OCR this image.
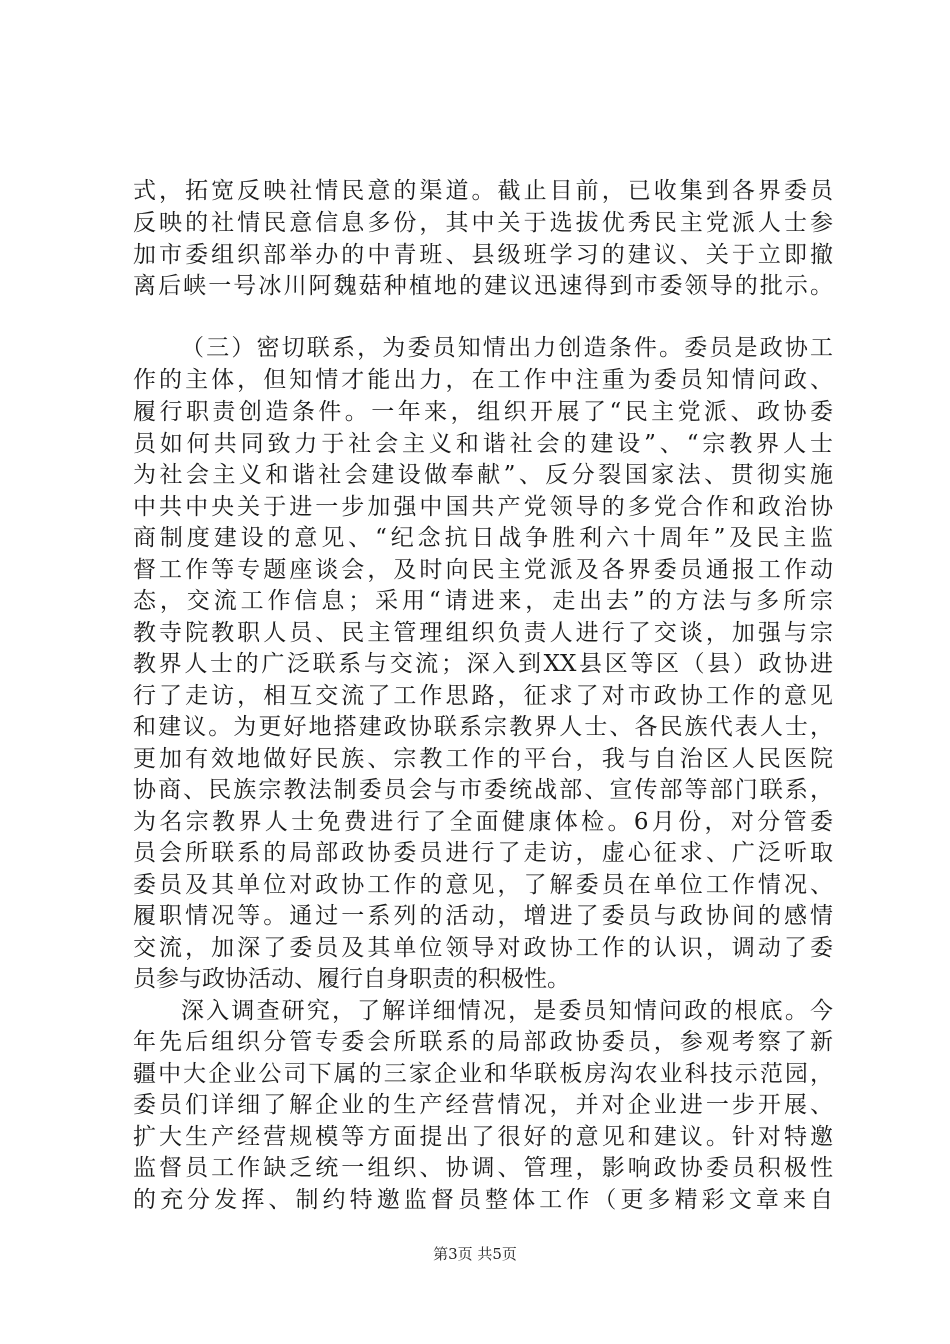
式，拓宽反映社情民意的渠道。截止目前，已收集到各界委员
反映的社情民意信息多份，其中关于选拔优秀民主党派人士参
加市委组织部举办的中青班、县级班学习的建议、关于立即撤
离后峡一号冰川阿魏菇种植地的建议迅速得到市委领导的批示。
（三）密切联系，为委员知情出力创造条件。委员是政协工
作的主体，但知情才能出力，在工作中注重为委员知情问政、
履行职责创造条件。一年来，组织开展了“民主党派、政协委
员如何共同致力于社会主义和谐社会的建设”、“宗教界人士
为社会主义和谐社会建设做奉献”、反分裂国家法、贯彻实施
中共中央关于进一步加强中国共产党领导的多党合作和政治协
商制度建设的意见、“纪念抗日战争胜利六十周年”及民主监
督工作等专题座谈会，及时向民主党派及各界委员通报工作动
态，交流工作信息；采用“请进来，走出去”的方法与多所宗
教寺院教职人员、民主管理组织负责人进行了交谈，加强与宗
教界人士的广泛联系与交流；深入到XX县区等区（县）政协进
行了走访，相互交流了工作思路，征求了对市政协工作的意见
和建议。为更好地搭建政协联系宗教界人士、各民族代表人士，
更加有效地做好民族、宗教工作的平台，我与自治区人民医院
协商、民族宗教法制委员会与市委统战部、宣传部等部门联系，
为名宗教界人士免费进行了全面健康体检。6月份，对分管委
员会所联系的局部政协委员进行了走访，虚心征求、广泛听取
委员及其单位对政协工作的意见，了解委员在单位工作情况、
履职情况等。通过一系列的活动，增进了委员与政协间的感情
交流，加深了委员及其单位领导对政协工作的认识，调动了委
员参与政协活动、履行自身职责的积极性。
深入调查研究，了解详细情况，是委员知情问政的根底。今
年先后组织分管专委会所联系的局部政协委员，参观考察了新
疆中大企业公司下属的三家企业和华联板房沟农业科技示范园，
委员们详细了解企业的生产经营情况，并对企业进一步开展、
扩大生产经营规模等方面提出了很好的意见和建议。针对特邀
监督员工作缺乏统一组织、协调、管理，影响政协委员积极性
的充分发挥、制约特邀监督员整体工作（更多精彩文章来自
第3页 共5页
